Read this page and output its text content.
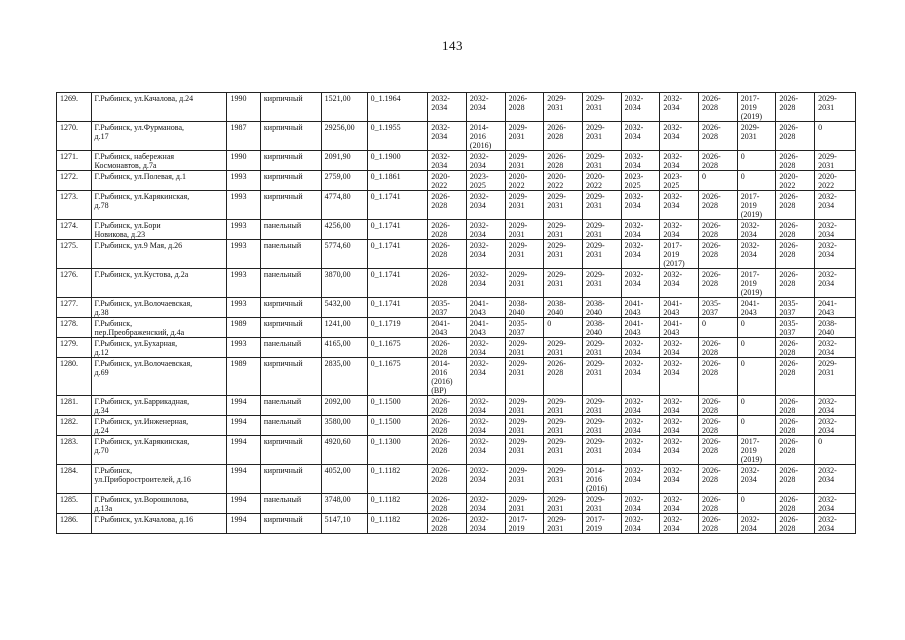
143
1269.	Г.Рыбинск, ул.Качалова, д.24	1990	кирпичный	1521,00	0_1.1964	2032-
2034	2032-
2034	2026-
2028	2029-
2031	2029-
2031	2032-
2034	2032-
2034	2026-
2028	2017-
2019
(2019)	2026-
2028	2029-
2031
1270.	Г.Рыбинск, ул.Фурманова,
д.17	1987	кирпичный	29256,00	0_1.1955	2032-
2034	2014-
2016
(2016)	2029-
2031	2026-
2028	2029-
2031	2032-
2034	2032-
2034	2026-
2028	2029-
2031	2026-
2028	0
1271.	Г.Рыбинск, набережная
Космонавтов, д.7а	1990	кирпичный	2091,90	0_1.1900	2032-
2034	2032-
2034	2029-
2031	2026-
2028	2029-
2031	2032-
2034	2032-
2034	2026-
2028	0	2026-
2028	2029-
2031
1272.	Г.Рыбинск, ул.Полевая, д.1	1993	кирпичный	2759,00	0_1.1861	2020-
2022	2023-
2025	2020-
2022	2020-
2022	2020-
2022	2023-
2025	2023-
2025	0	0	2020-
2022	2020-
2022
1273.	Г.Рыбинск, ул.Карякинская,
д.78	1993	кирпичный	4774,80	0_1.1741	2026-
2028	2032-
2034	2029-
2031	2029-
2031	2029-
2031	2032-
2034	2032-
2034	2026-
2028	2017-
2019
(2019)	2026-
2028	2032-
2034
1274.	Г.Рыбинск, ул.Бори
Новикова, д.23	1993	панельный	4256,00	0_1.1741	2026-
2028	2032-
2034	2029-
2031	2029-
2031	2029-
2031	2032-
2034	2032-
2034	2026-
2028	2032-
2034	2026-
2028	2032-
2034
1275.	Г.Рыбинск, ул.9 Мая, д.26	1993	панельный	5774,60	0_1.1741	2026-
2028	2032-
2034	2029-
2031	2029-
2031	2029-
2031	2032-
2034	2017-
2019
(2017)	2026-
2028	2032-
2034	2026-
2028	2032-
2034
1276.	Г.Рыбинск, ул.Кустова, д.2а	1993	панельный	3870,00	0_1.1741	2026-
2028	2032-
2034	2029-
2031	2029-
2031	2029-
2031	2032-
2034	2032-
2034	2026-
2028	2017-
2019
(2019)	2026-
2028	2032-
2034
1277.	Г.Рыбинск, ул.Волочаевская,
д.38	1993	кирпичный	5432,00	0_1.1741	2035-
2037	2041-
2043	2038-
2040	2038-
2040	2038-
2040	2041-
2043	2041-
2043	2035-
2037	2041-
2043	2035-
2037	2041-
2043
1278.	Г.Рыбинск,
пер.Преображенский, д.4а	1989	кирпичный	1241,00	0_1.1719	2041-
2043	2041-
2043	2035-
2037	0	2038-
2040	2041-
2043	2041-
2043	0	0	2035-
2037	2038-
2040
1279.	Г.Рыбинск, ул.Бухарная,
д.12	1993	панельный	4165,00	0_1.1675	2026-
2028	2032-
2034	2029-
2031	2029-
2031	2029-
2031	2032-
2034	2032-
2034	2026-
2028	0	2026-
2028	2032-
2034
1280.	Г.Рыбинск, ул.Волочаевская,
д.69	1989	кирпичный	2835,00	0_1.1675	2014-
2016
(2016)
(ВР)	2032-
2034	2029-
2031	2026-
2028	2029-
2031	2032-
2034	2032-
2034	2026-
2028	0	2026-
2028	2029-
2031
1281.	Г.Рыбинск, ул.Баррикадная,
д.34	1994	панельный	2092,00	0_1.1500	2026-
2028	2032-
2034	2029-
2031	2029-
2031	2029-
2031	2032-
2034	2032-
2034	2026-
2028	0	2026-
2028	2032-
2034
1282.	Г.Рыбинск, ул.Инженерная,
д.24	1994	панельный	3580,00	0_1.1500	2026-
2028	2032-
2034	2029-
2031	2029-
2031	2029-
2031	2032-
2034	2032-
2034	2026-
2028	0	2026-
2028	2032-
2034
1283.	Г.Рыбинск, ул.Карякинская,
д.70	1994	кирпичный	4920,60	0_1.1300	2026-
2028	2032-
2034	2029-
2031	2029-
2031	2029-
2031	2032-
2034	2032-
2034	2026-
2028	2017-
2019
(2019)	2026-
2028	0
1284.	Г.Рыбинск,
ул.Приборостроителей, д.16	1994	кирпичный	4052,00	0_1.1182	2026-
2028	2032-
2034	2029-
2031	2029-
2031	2014-
2016
(2016)	2032-
2034	2032-
2034	2026-
2028	2032-
2034	2026-
2028	2032-
2034
1285.	Г.Рыбинск, ул.Ворошилова,
д.13а	1994	панельный	3748,00	0_1.1182	2026-
2028	2032-
2034	2029-
2031	2029-
2031	2029-
2031	2032-
2034	2032-
2034	2026-
2028	0	2026-
2028	2032-
2034
1286.	Г.Рыбинск, ул.Качалова, д.16	1994	кирпичный	5147,10	0_1.1182	2026-
2028	2032-
2034	2017-
2019	2029-
2031	2017-
2019	2032-
2034	2032-
2034	2026-
2028	2032-
2034	2026-
2028	2032-
2034
